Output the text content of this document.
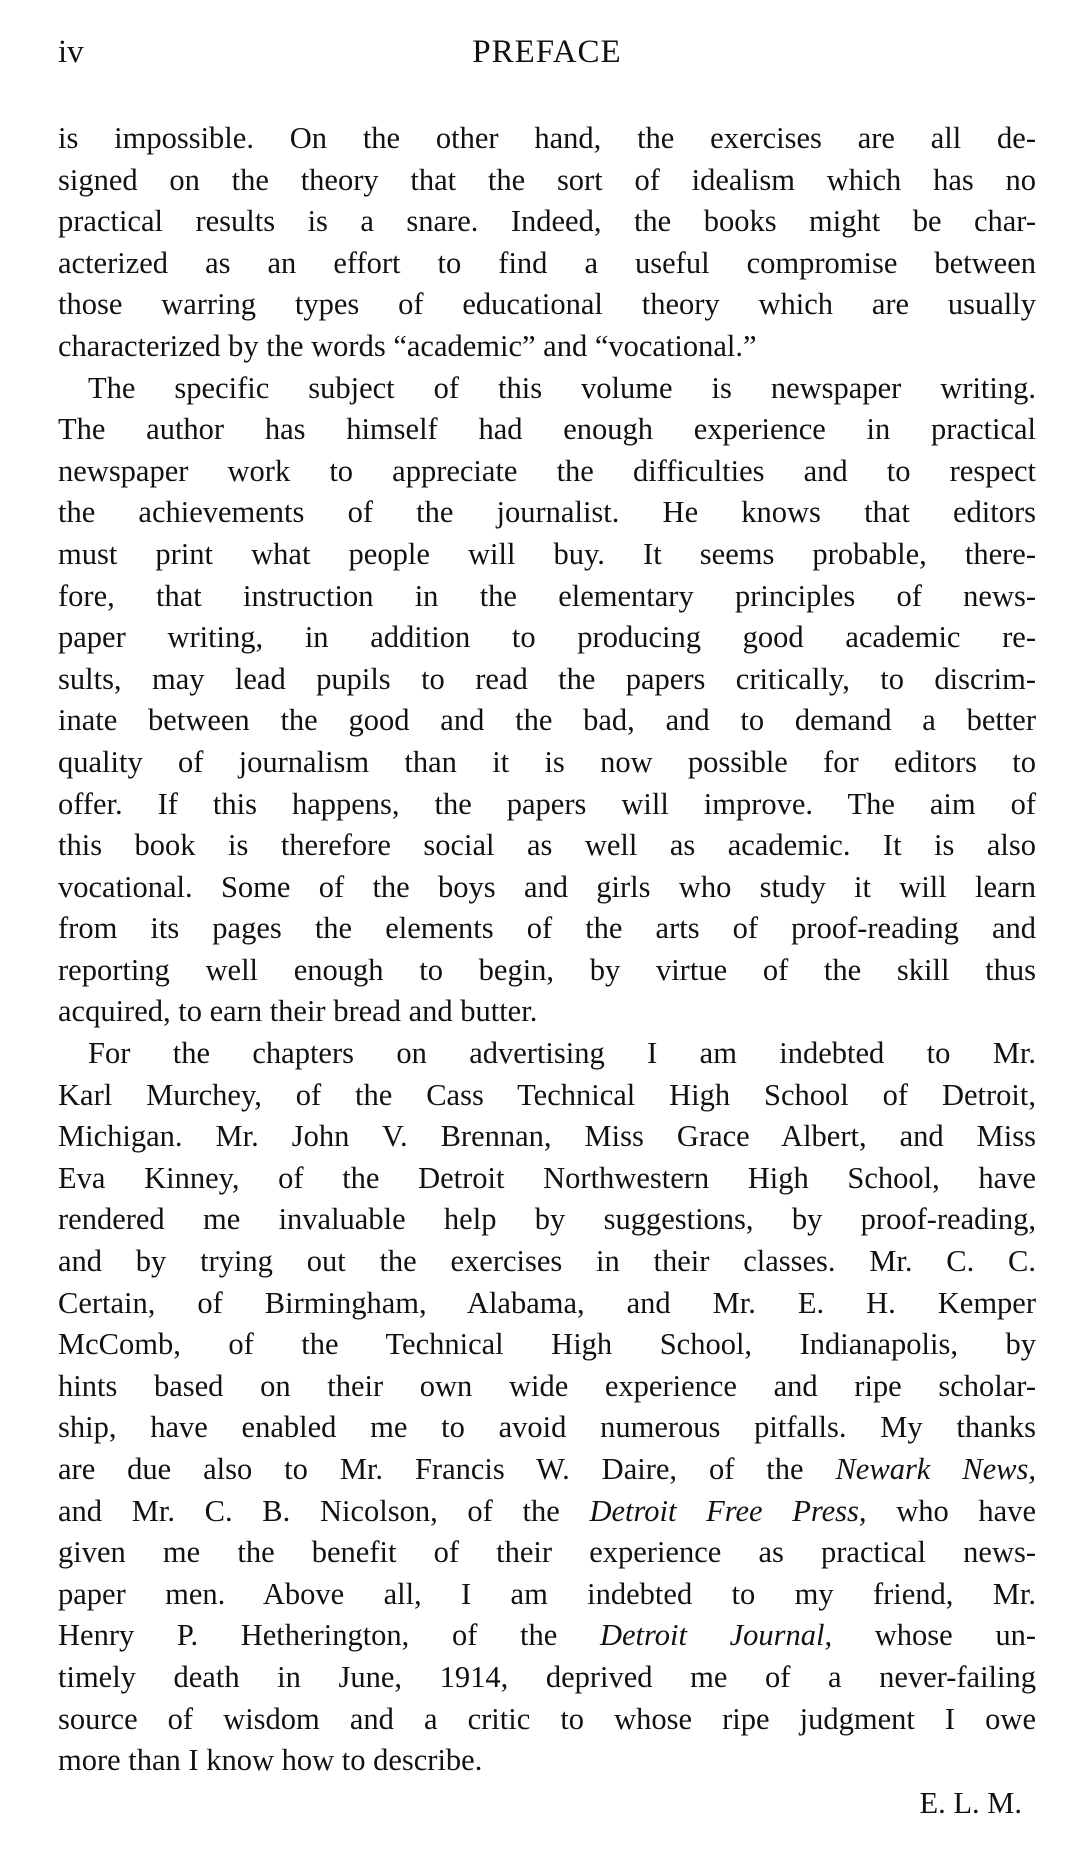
iv	PREFACE
is impossible. On the other hand, the exercises are all de-
signed on the theory that the sort of idealism which has no
practical results is a snare. Indeed, the books might be char-
acterized as an effort to find a useful compromise between
those warring types of educational theory which are usually
characterized by the words “academic” and “vocational.”
The specific subject of this volume is newspaper writing.
The author has himself had enough experience in practical
newspaper work to appreciate the difficulties and to respect
the achievements of the journalist. He knows that editors
must print what people will buy. It seems probable, there-
fore, that instruction in the elementary principles of news-
paper writing, in addition to producing good academic re-
sults, may lead pupils to read the papers critically, to discrim-
inate between the good and the bad, and to demand a better
quality of journalism than it is now possible for editors to
offer. If this happens, the papers will improve. The aim of
this book is therefore social as well as academic. It is also
vocational. Some of the boys and girls who study it will learn
from its pages the elements of the arts of proof-reading and
reporting well enough to begin, by virtue of the skill thus
acquired, to earn their bread and butter.
For the chapters on advertising I am indebted to Mr.
Karl Murchey, of the Cass Technical High School of Detroit,
Michigan. Mr. John V. Brennan, Miss Grace Albert, and Miss
Eva Kinney, of the Detroit Northwestern High School, have
rendered me invaluable help by suggestions, by proof-reading,
and by trying out the exercises in their classes. Mr. C. C.
Certain, of Birmingham, Alabama, and Mr. E. H. Kemper
McComb, of the Technical High School, Indianapolis, by
hints based on their own wide experience and ripe scholar-
ship, have enabled me to avoid numerous pitfalls. My thanks
are due also to Mr. Francis W. Daire, of the Newark News,
and Mr. C. B. Nicolson, of the Detroit Free Press, who have
given me the benefit of their experience as practical news-
paper men. Above all, I am indebted to my friend, Mr.
Henry P. Hetherington, of the Detroit Journal, whose un-
timely death in June, 1914, deprived me of a never-failing
source of wisdom and a critic to whose ripe judgment I owe
more than I know how to describe.
E. L. M.
